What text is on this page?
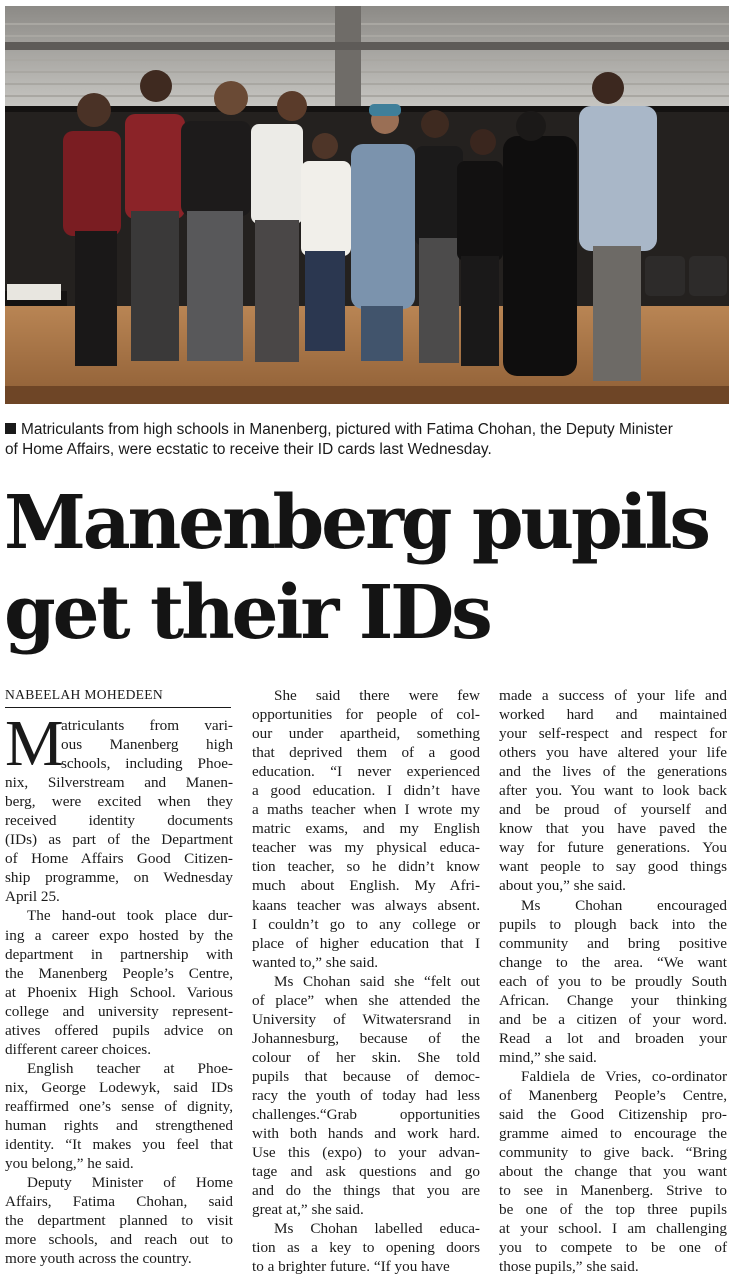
Matriculants from high schools in Manenberg, pictured with Fatima Chohan, the Deputy Minister
of Home Affairs, were ecstatic to receive their ID cards last Wednesday.
Manenberg pupils
get their IDs
NABEELAH MOHEDEEN
M
atriculants from vari-
ous Manenberg high
schools, including Phoe-
nix, Silverstream and Manen-
berg, were excited when they
received identity documents
(IDs) as part of the Department
of Home Affairs Good Citizen-
ship programme, on Wednesday
April 25.
The hand-out took place dur-
ing a career expo hosted by the
department in partnership with
the Manenberg People’s Centre,
at Phoenix High School. Various
college and university represent-
atives offered pupils advice on
different career choices.
English teacher at Phoe-
nix, George Lodewyk, said IDs
reaffirmed one’s sense of dignity,
human rights and strengthened
identity. “It makes you feel that
you belong,” he said.
Deputy Minister of Home
Affairs, Fatima Chohan, said
the department planned to visit
more schools, and reach out to
more youth across the country.
She said there were few
opportunities for people of col-
our under apartheid, something
that deprived them of a good
education. “I never experienced
a good education. I didn’t have
a maths teacher when I wrote my
matric exams, and my English
teacher was my physical educa-
tion teacher, so he didn’t know
much about English. My Afri-
kaans teacher was always absent.
I couldn’t go to any college or
place of higher education that I
wanted to,” she said.
Ms Chohan said she “felt out
of place” when she attended the
University of Witwatersrand in
Johannesburg, because of the
colour of her skin. She told
pupils that because of democ-
racy the youth of today had less
challenges.“Grab opportunities
with both hands and work hard.
Use this (expo) to your advan-
tage and ask questions and go
and do the things that you are
great at,” she said.
Ms Chohan labelled educa-
tion as a key to opening doors
to a brighter future. “If you have
made a success of your life and
worked hard and maintained
your self-respect and respect for
others you have altered your life
and the lives of the generations
after you. You want to look back
and be proud of yourself and
know that you have paved the
way for future generations. You
want people to say good things
about you,” she said.
Ms Chohan encouraged
pupils to plough back into the
community and bring positive
change to the area. “We want
each of you to be proudly South
African. Change your thinking
and be a citizen of your word.
Read a lot and broaden your
mind,” she said.
Faldiela de Vries, co-ordinator
of Manenberg People’s Centre,
said the Good Citizenship pro-
gramme aimed to encourage the
community to give back. “Bring
about the change that you want
to see in Manenberg. Strive to
be one of the top three pupils
at your school. I am challenging
you to compete to be one of
those pupils,” she said.
